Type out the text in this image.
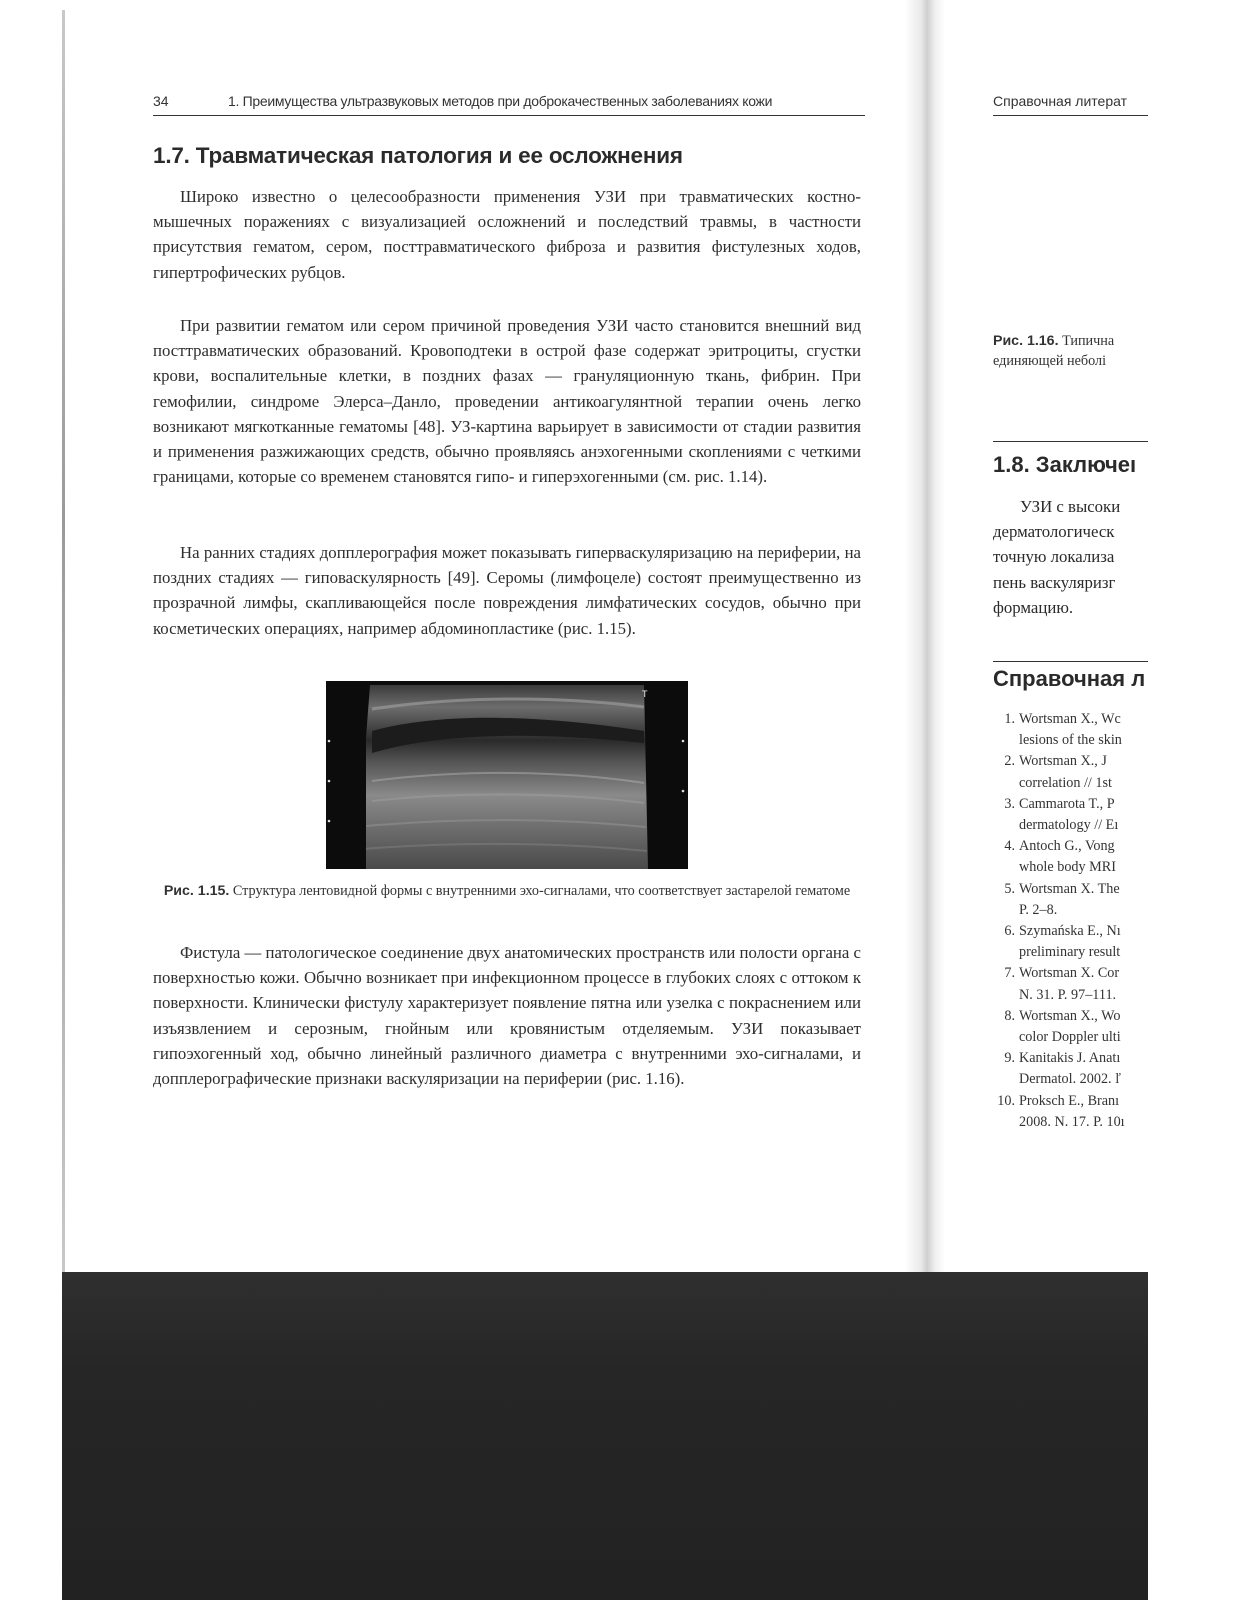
34	1. Преимущества ультразвуковых методов при доброкачественных заболеваниях кожи
1.7. Травматическая патология и ее осложнения

Широко известно о целесообразности применения УЗИ при травматических костно-мышечных поражениях с визуализацией осложнений и последствий травмы, в частности присутствия гематом, сером, посттравматического фиброза и развития фистулезных ходов, гипертрофических рубцов.

При развитии гематом или сером причиной проведения УЗИ часто становится внешний вид посттравматических образований. Кровоподтеки в острой фазе содержат эритроциты, сгустки крови, воспалительные клетки, в поздних фазах — грануляционную ткань, фибрин. При гемофилии, синдроме Элерса–Данло, проведении антикоагулянтной терапии очень легко возникают мягкотканные гематомы [48]. УЗ-картина варьирует в зависимости от стадии развития и применения разжижающих средств, обычно проявляясь анэхогенными скоплениями с четкими границами, которые со временем становятся гипо- и гиперэхогенными (см. рис. 1.14).

На ранних стадиях допплерография может показывать гиперваскуляризацию на периферии, на поздних стадиях — гиповаскулярность [49]. Серомы (лимфоцеле) состоят преимущественно из прозрачной лимфы, скапливающейся после повреждения лимфатических сосудов, обычно при косметических операциях, например абдоминопластике (рис. 1.15).

T
Рис. 1.15. Структура лентовидной формы с внутренними эхо-сигналами, что соответствует застарелой гематоме

Фистула — патологическое соединение двух анатомических пространств или полости органа с поверхностью кожи. Обычно возникает при инфекционном процессе в глубоких слоях с оттоком к поверхности. Клинически фистулу характеризует появление пятна или узелка с покраснением или изъязвлением и серозным, гнойным или кровянистым отделяемым. УЗИ показывает гипоэхогенный ход, обычно линейный различного диаметра с внутренними эхо-сигналами, и допплерографические признаки васкуляризации на периферии (рис. 1.16).

Справочная литерат
Рис. 1.16. Типична
единяющей неболі
1.8. Заключеı
УЗИ с высоки
дерматологическ
точную локализа
пень васкуляризг
формацию.
Справочная л
1. Wortsman X., Wc
lesions of the skin
2. Wortsman X., J
correlation // 1st
3. Cammarota T., P
dermatology // Eı
4. Antoch G., Vong
whole body MRI
5. Wortsman X. The
P. 2–8.
6. Szymańska E., Nı
preliminary result
7. Wortsman X. Cor
N. 31. P. 97–111.
8. Wortsman X., Wo
color Doppler ulti
9. Kanitakis J. Anatı
Dermatol. 2002. ľ
10. Proksch E., Branı
2008. N. 17. P. 10ı
